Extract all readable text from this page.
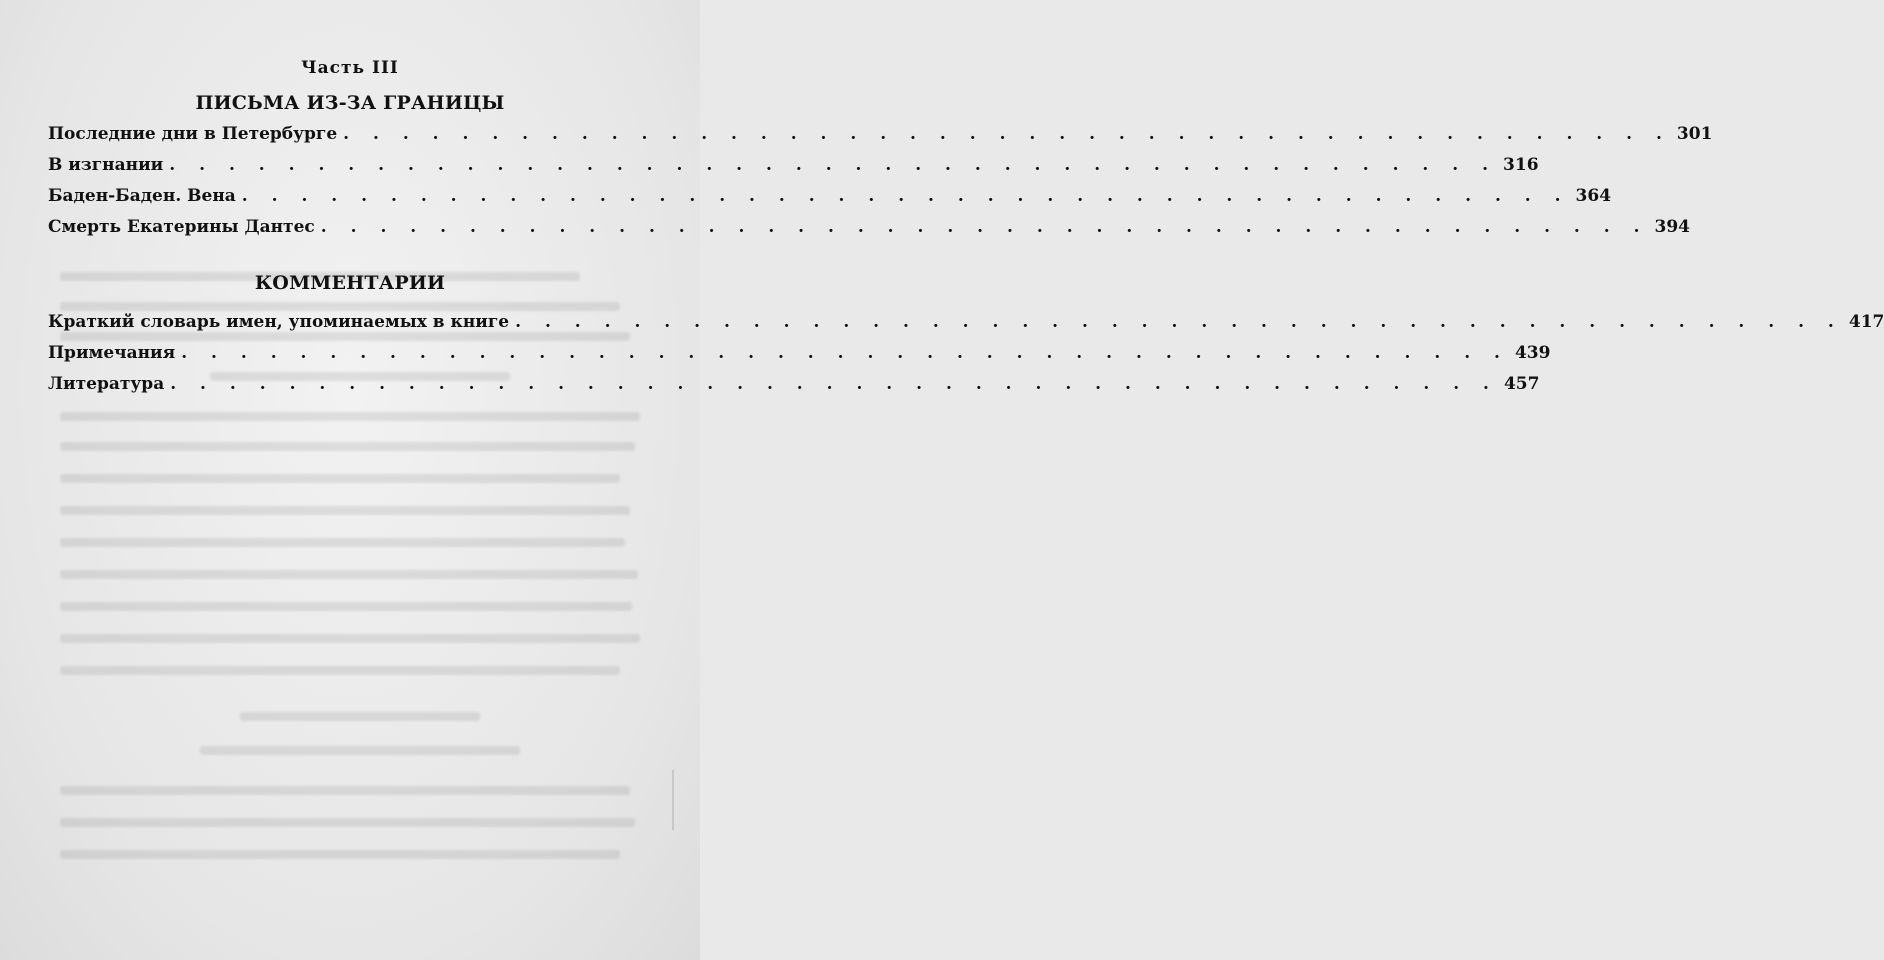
Часть III
ПИСЬМА ИЗ-ЗА ГРАНИЦЫ
Последние дни в Петербурге . . . . . . . . . . . . . . . . . . . . . . . . . . . . . . . . . . . . . . . . . . . . . 301
В изгнании . . . . . . . . . . . . . . . . . . . . . . . . . . . . . . . . . . . . . . . . . . . . . 316
Баден-Баден. Вена . . . . . . . . . . . . . . . . . . . . . . . . . . . . . . . . . . . . . . . . . . . . . 364
Смерть Екатерины Дантес . . . . . . . . . . . . . . . . . . . . . . . . . . . . . . . . . . . . . . . . . . . . . 394
КОММЕНТАРИИ
Краткий словарь имен, упоминаемых в книге . . . . . . . . . . . . . . . . . . . . . . . . . . . . . . . . . . . . . . . . . . . . . 417
Примечания . . . . . . . . . . . . . . . . . . . . . . . . . . . . . . . . . . . . . . . . . . . . . 439
Литература . . . . . . . . . . . . . . . . . . . . . . . . . . . . . . . . . . . . . . . . . . . . . 457
